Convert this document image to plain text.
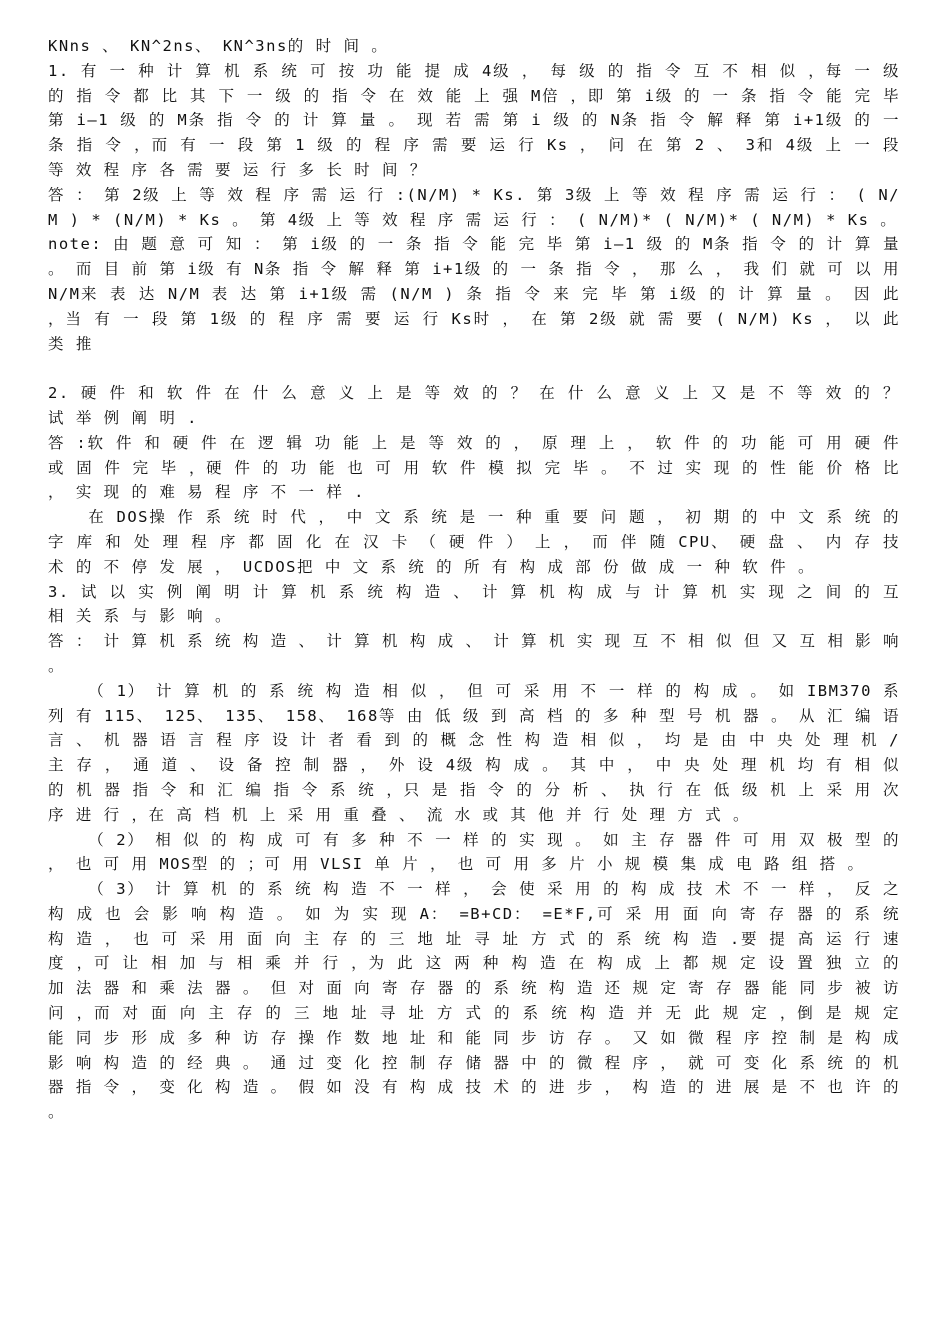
KNns 、 KN^2ns、 KN^3ns的 时 间 。

1. 有 一 种 计 算 机 系 统 可 按 功 能 提 成 4级 ， 每 级 的 指 令 互 不 相 似 ，每 一 级 的 指 令 都 比 其 下 一 级 的 指 令 在 效 能 上 强 M倍 ，即 第 i级 的 一 条 指 令 能 完 毕 第 i—1 级 的 M条 指 令 的 计 算 量 。 现 若 需 第 i 级 的 N条 指 令 解 释 第 i+1级 的 一 条 指 令 ，而 有 一 段 第 1 级 的 程 序 需 要 运 行 Ks ， 问 在 第 2 、 3和 4级 上 一 段 等 效 程 序 各 需 要 运 行 多 长 时 间 ？

答 ： 第 2级 上 等 效 程 序 需 运 行 :(N/M) * Ks. 第 3级 上 等 效 程 序 需 运 行 ： ( N/M ) * (N/M) * Ks 。 第 4级 上 等 效 程 序 需 运 行 ： ( N/M)* ( N/M)* ( N/M) * Ks 。

note: 由 题 意 可 知 ： 第 i级 的 一 条 指 令 能 完 毕 第 i—1 级 的 M条 指 令 的 计 算 量 。 而 目 前 第 i级 有 N条 指 令 解 释 第 i+1级 的 一 条 指 令 ， 那 么 ， 我 们 就 可 以 用 N/M来 表 达 N/M 表 达 第 i+1级 需 (N/M ) 条 指 令 来 完 毕 第 i级 的 计 算 量 。 因 此 ，当 有 一 段 第 1级 的 程 序 需 要 运 行 Ks时 ， 在 第 2级 就 需 要 ( N/M) Ks ， 以 此 类 推

2. 硬 件 和 软 件 在 什 么 意 义 上 是 等 效 的 ？ 在 什 么 意 义 上 又 是 不 等 效 的 ？ 试 举 例 阐 明 .

答 :软 件 和 硬 件 在 逻 辑 功 能 上 是 等 效 的 ， 原 理 上 ， 软 件 的 功 能 可 用 硬 件 或 固 件 完 毕 ，硬 件 的 功 能 也 可 用 软 件 模 拟 完 毕 。 不 过 实 现 的 性 能 价 格 比 ， 实 现 的 难 易 程 序 不 一 样 .

在 DOS操 作 系 统 时 代 ， 中 文 系 统 是 一 种 重 要 问 题 ， 初 期 的 中 文 系 统 的 字 库 和 处 理 程 序 都 固 化 在 汉 卡 （ 硬 件 ） 上 ， 而 伴 随 CPU、 硬 盘 、 内 存 技 术 的 不 停 发 展 ， UCDOS把 中 文 系 统 的 所 有 构 成 部 份 做 成 一 种 软 件 。

3. 试 以 实 例 阐 明 计 算 机 系 统 构 造 、 计 算 机 构 成 与 计 算 机 实 现 之 间 的 互 相 关 系 与 影 响 。

答 ： 计 算 机 系 统 构 造 、 计 算 机 构 成 、 计 算 机 实 现 互 不 相 似 但 又 互 相 影 响 。

（ 1） 计 算 机 的 系 统 构 造 相 似 ， 但 可 采 用 不 一 样 的 构 成 。 如 IBM370 系 列 有 115、 125、 135、 158、 168等 由 低 级 到 高 档 的 多 种 型 号 机 器 。 从 汇 编 语 言 、 机 器 语 言 程 序 设 计 者 看 到 的 概 念 性 构 造 相 似 ， 均 是 由 中 央 处 理 机 /主 存 ， 通 道 、 设 备 控 制 器 ， 外 设 4级 构 成 。 其 中 ， 中 央 处 理 机 均 有 相 似 的 机 器 指 令 和 汇 编 指 令 系 统 ，只 是 指 令 的 分 析 、 执 行 在 低 级 机 上 采 用 次 序 进 行 ，在 高 档 机 上 采 用 重 叠 、 流 水 或 其 他 并 行 处 理 方 式 。

（ 2） 相 似 的 构 成 可 有 多 种 不 一 样 的 实 现 。 如 主 存 器 件 可 用 双 极 型 的 ， 也 可 用 MOS型 的 ；可 用 VLSI 单 片 ， 也 可 用 多 片 小 规 模 集 成 电 路 组 搭 。

（ 3） 计 算 机 的 系 统 构 造 不 一 样 ， 会 使 采 用 的 构 成 技 术 不 一 样 ， 反 之 构 成 也 会 影 响 构 造 。 如 为 实 现 A： =B+CD： =E*F,可 采 用 面 向 寄 存 器 的 系 统 构 造 ， 也 可 采 用 面 向 主 存 的 三 地 址 寻 址 方 式 的 系 统 构 造 .要 提 高 运 行 速 度 ，可 让 相 加 与 相 乘 并 行 ，为 此 这 两 种 构 造 在 构 成 上 都 规 定 设 置 独 立 的 加 法 器 和 乘 法 器 。 但 对 面 向 寄 存 器 的 系 统 构 造 还 规 定 寄 存 器 能 同 步 被 访 问 ，而 对 面 向 主 存 的 三 地 址 寻 址 方 式 的 系 统 构 造 并 无 此 规 定 ，倒 是 规 定 能 同 步 形 成 多 种 访 存 操 作 数 地 址 和 能 同 步 访 存 。 又 如 微 程 序 控 制 是 构 成 影 响 构 造 的 经 典 。 通 过 变 化 控 制 存 储 器 中 的 微 程 序 ， 就 可 变 化 系 统 的 机 器 指 令 ， 变 化 构 造 。 假 如 没 有 构 成 技 术 的 进 步 ， 构 造 的 进 展 是 不 也 许 的 。
